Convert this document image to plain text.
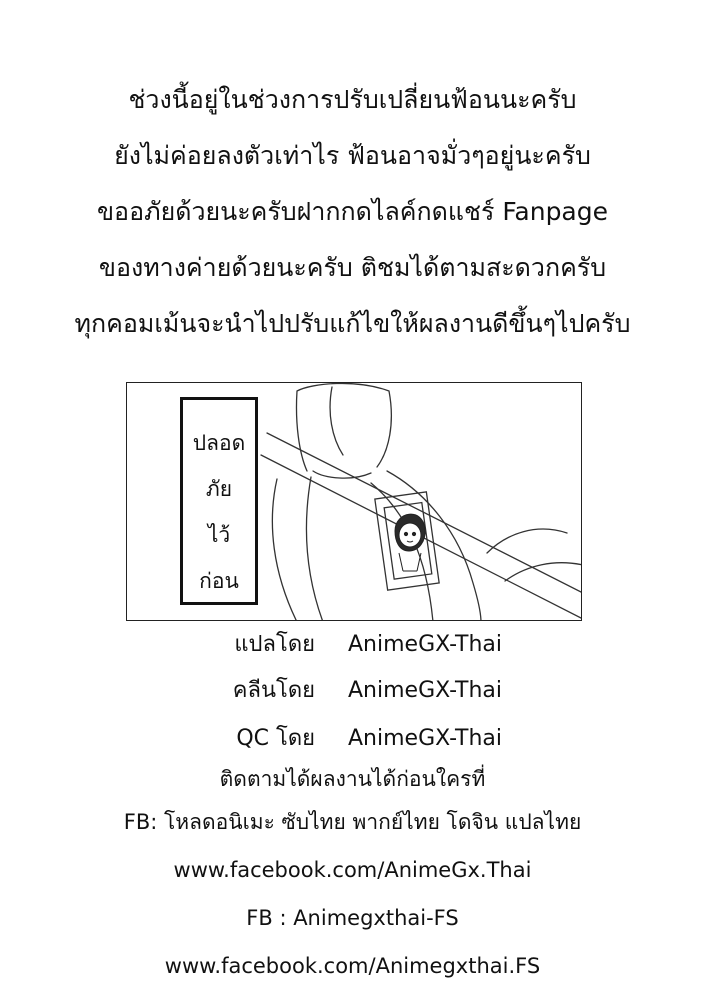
ช่วงนี้อยู่ในช่วงการปรับเปลี่ยนฟ้อนนะครับ
ยังไม่ค่อยลงตัวเท่าไร ฟ้อนอาจมั่วๆอยู่นะครับ
ขออภัยด้วยนะครับฝากกดไลค์กดแชร์ Fanpage
ของทางค่ายด้วยนะครับ ติชมได้ตามสะดวกครับ
ทุกคอมเม้นจะนำไปปรับแก้ไขให้ผลงานดีขึ้นๆไปครับ
ปลอด
ภัย
ไว้
ก่อน
แปลโดย AnimeGX-Thai
คลีนโดย AnimeGX-Thai
QC โดย AnimeGX-Thai
ติดตามได้ผลงานได้ก่อนใครที่
FB: โหลดอนิเมะ ซับไทย พากย์ไทย โดจิน แปลไทย
www.facebook.com/AnimeGx.Thai
FB : Animegxthai-FS
www.facebook.com/Animegxthai.FS
